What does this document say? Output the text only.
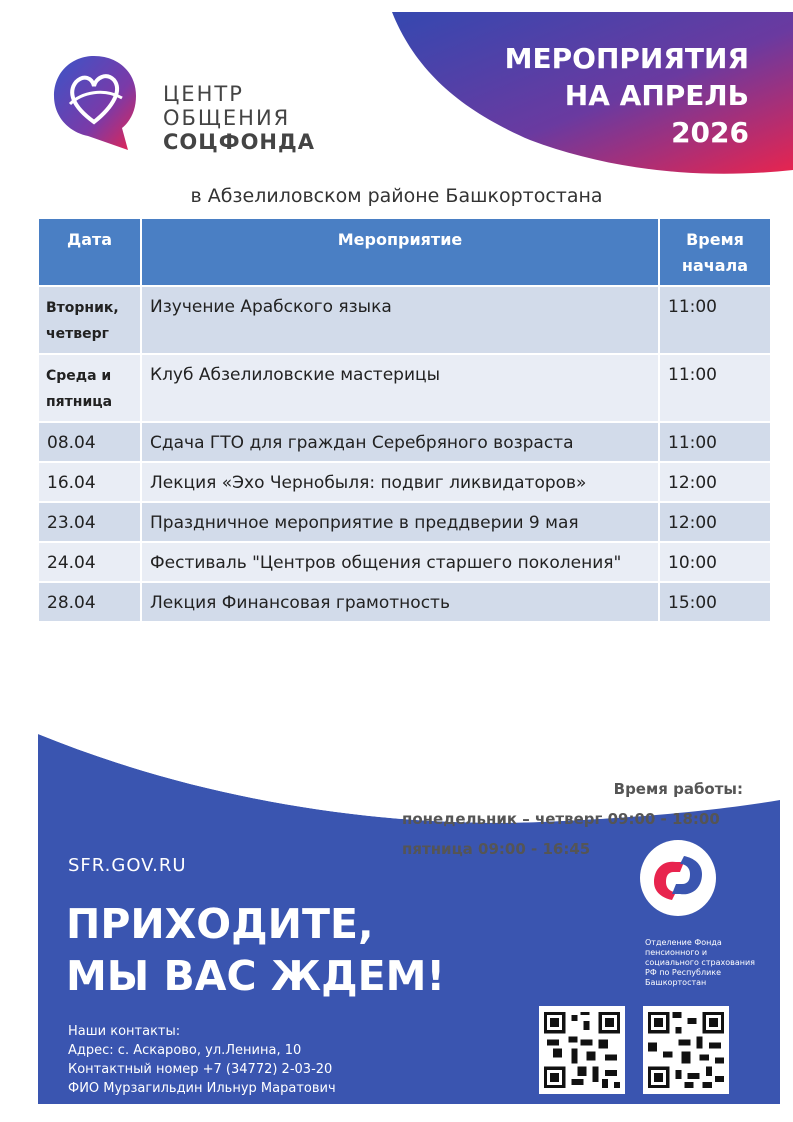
МЕРОПРИЯТИЯ
НА АПРЕЛЬ
2026
ЦЕНТР
ОБЩЕНИЯ
СОЦФОНДА
в Абзелиловском районе Башкортостана
Дата	Мероприятие	Время начала
Вторник, четверг	Изучение Арабского языка	11:00
Среда и пятница	Клуб Абзелиловские мастерицы	11:00
08.04	Сдача ГТО для граждан Серебряного возраста	11:00
16.04	Лекция «Эхо Чернобыля: подвиг ликвидаторов»	12:00
23.04	Праздничное мероприятие в преддверии 9 мая	12:00
24.04	Фестиваль "Центров общения старшего поколения"	10:00
28.04	Лекция Финансовая грамотность	15:00
Время работы:
понедельник – четверг 09:00 - 18:00
пятница 09:00 - 16:45
SFR.GOV.RU
ПРИХОДИТЕ,
МЫ ВАС ЖДЕМ!
Наши контакты:
Адрес: с. Аскарово, ул.Ленина, 10
Контактный номер +7 (34772) 2-03-20
ФИО Мурзагильдин Ильнур Маратович
Отделение Фонда пенсионного и социального страхования РФ по Республике Башкортостан
